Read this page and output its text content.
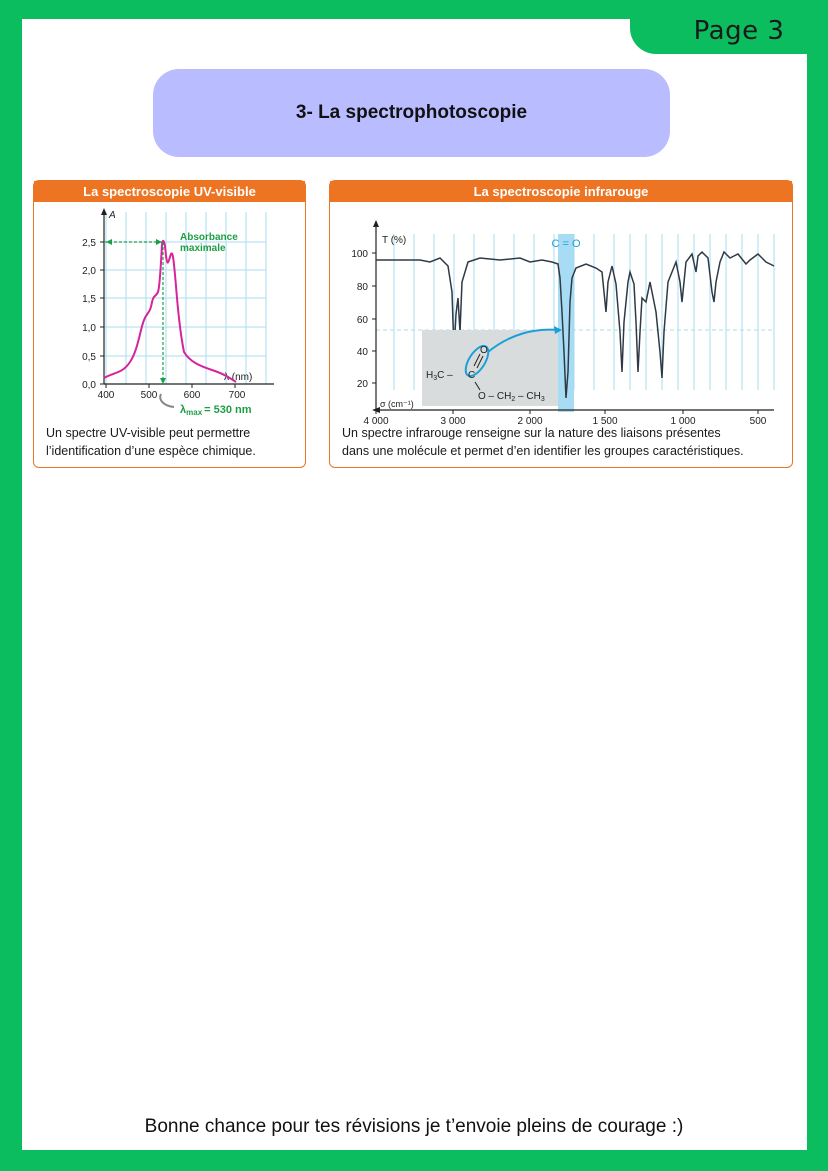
Page 3
3- La spectrophotoscopie
La spectroscopie UV-visible
A
2,5
2,0
1,5
1,0
0,5
0,0
400	500	600	700
λ (nm)
Absorbance
maximale
λmax = 530 nm
Un spectre UV-visible peut permettre
l’identification d’une espèce chimique.
La spectroscopie infrarouge
C = O
T (%)
100
80
60
40
20
$H_3C$ – C
O
O – $CH_2 - CH_3$
σ (cm⁻¹)
4 000	3 000	2 000	1 500	1 000	500
Un spectre infrarouge renseigne sur la nature des liaisons présentes
dans une molécule et permet d’en identifier les groupes caractéristiques.
Bonne chance pour tes révisions je t’envoie pleins de courage :)
